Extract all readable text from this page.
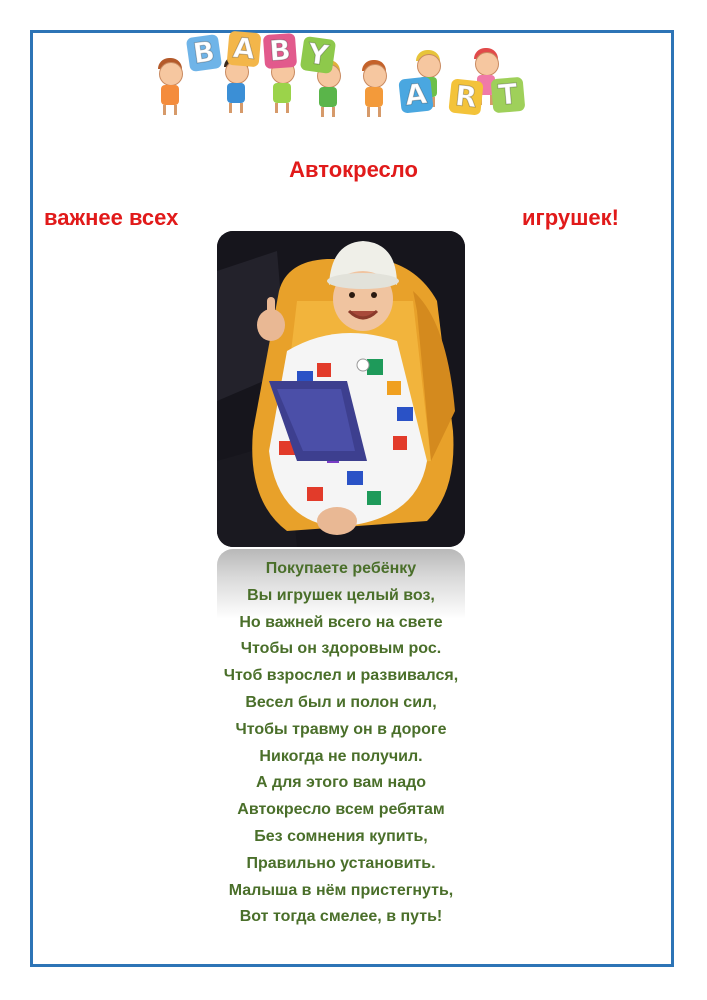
B A B Y
A R T
Автокресло
важнее всех	игрушек!
Покупаете ребёнку
Вы игрушек целый воз,
Но важней всего на свете
Чтобы он здоровым рос.
Чтоб взрослел и развивался,
Весел был и полон сил,
Чтобы травму он в дороге
Никогда не получил.
А для этого вам надо
Автокресло всем ребятам
Без сомнения купить,
Правильно установить.
Малыша в нём пристегнуть,
Вот тогда смелее, в путь!
